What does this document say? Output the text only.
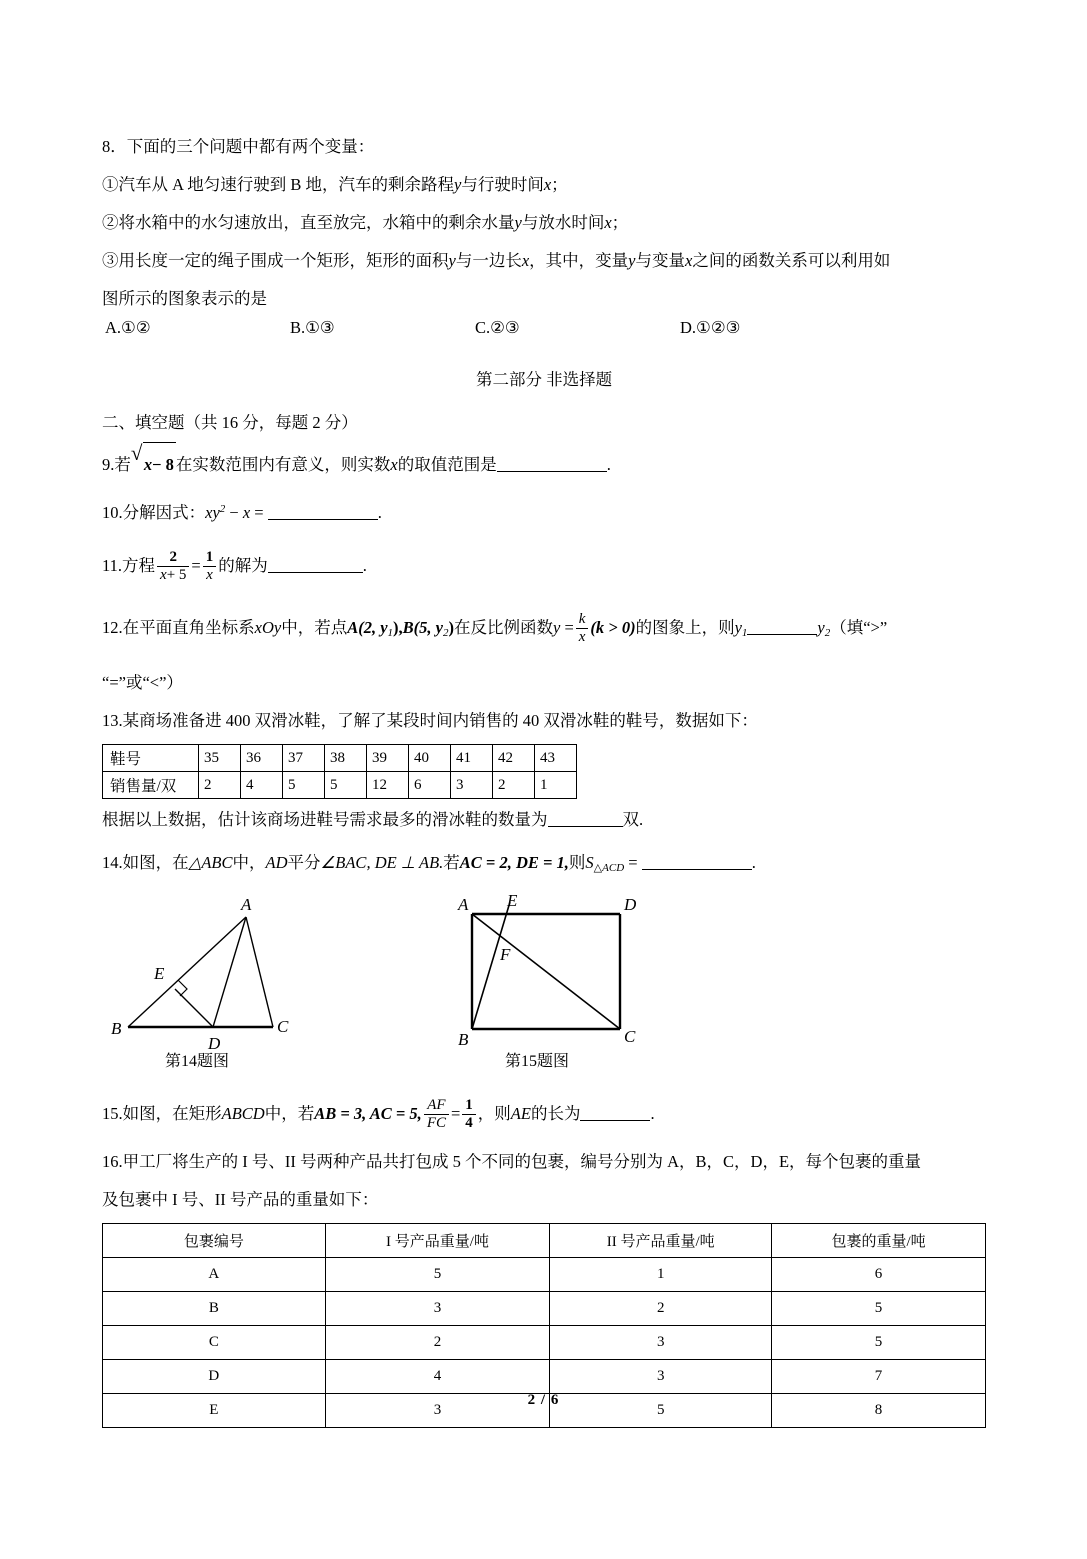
8．下面的三个问题中都有两个变量：
①汽车从 A 地匀速行驶到 B 地，汽车的剩余路程y与行驶时间x；
②将水箱中的水匀速放出，直至放完，水箱中的剩余水量y与放水时间x；
③用长度一定的绳子围成一个矩形，矩形的面积y与一边长x，其中，变量y与变量x之间的函数关系可以利用如
图所示的图象表示的是
A.①②	B.①③	C.②③	D.①②③
第二部分 非选择题
二、填空题（共 16 分，每题 2 分）
9.若 √ x− 8 在实数范围内有意义，则实数x的取值范围是	.
10.分解因式：$xy^2 - x$ =	.
11.方程 $\frac{2}{x+ 5} = \frac{1}{x}$ 的解为	.
12.在平面直角坐标系xOy中，若点A(2, $y_1),B(5$, $y_2$)在反比例函数$y = \frac{k}{x} (k > 0)$的图象上，则$y_1$	$y_2$（填“>”
“=”或“<”）
13.某商场准备进 400 双滑冰鞋，了解了某段时间内销售的 40 双滑冰鞋的鞋号，数据如下：
鞋号	35	36	37	38	39	40	41	42	43
销售量/双	2	4	5	5	12	6	3	2	1
根据以上数据，估计该商场进鞋号需求最多的滑冰鞋的数量为	双.
14.如图，在△ABC中，AD平分∠BAC, DE ⊥ AB.若AC = 2, DE = 1,则$S_{\triangle ACD}$ =	.
A
B	C
D
E
A	D
B	C
E
F
第14题图	第15题图
15.如图，在矩形ABCD中，若AB = 3, AC = 5, $\frac{AF}{FC} = \frac{1}{4}$ ，则AE的长为	.
16.甲工厂将生产的 I 号、II 号两种产品共打包成 5 个不同的包裹，编号分别为 A，B，C，D，E，每个包裹的重量
及包裹中 I 号、II 号产品的重量如下：
包裹编号	I 号产品重量/吨	II 号产品重量/吨	包裹的重量/吨
A	5	1	6
B	3	2	5
C	2	3	5
D	4	3	7
E	3	5	8
2 / 6
